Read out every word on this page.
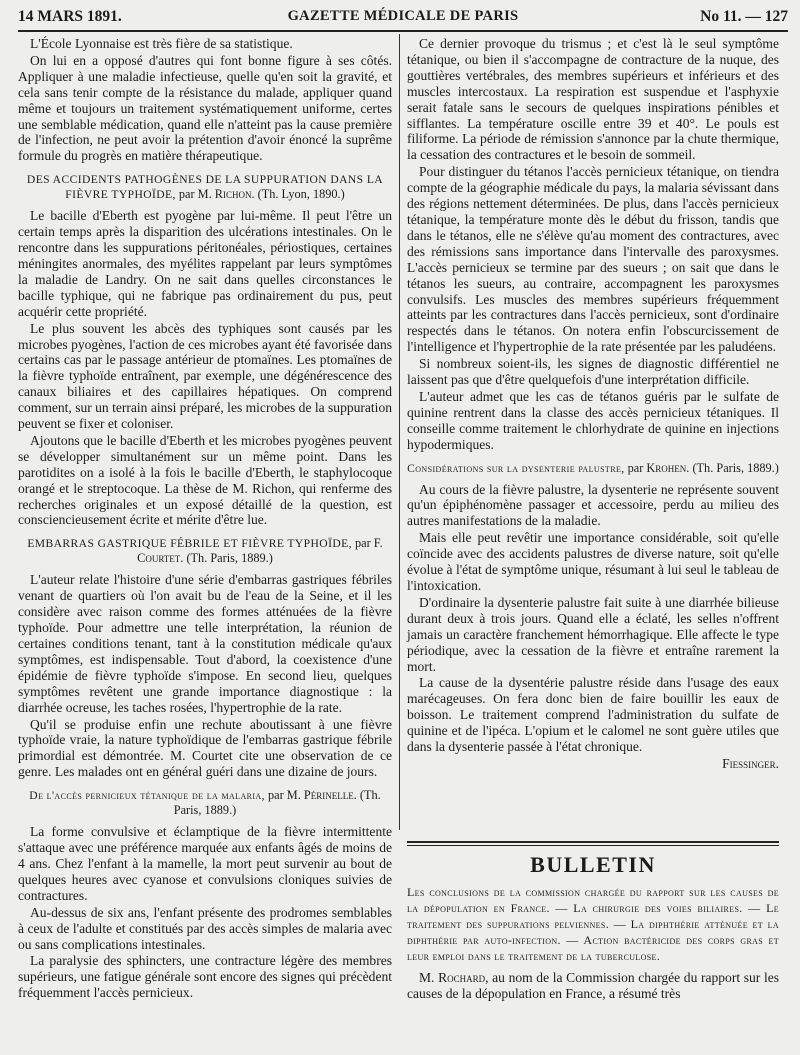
14 MARS 1891.	GAZETTE MÉDICALE DE PARIS	No 11. — 127

L'École Lyonnaise est très fière de sa statistique.

On lui en a opposé d'autres qui font bonne figure à ses côtés. Appliquer à une maladie infectieuse, quelle qu'en soit la gravité, et cela sans tenir compte de la résistance du malade, appliquer quand même et toujours un traitement systématiquement uniforme, certes une semblable médication, quand elle n'atteint pas la cause première de l'infection, ne peut avoir la prétention d'avoir énoncé la suprême formule du progrès en matière thérapeutique.

DES ACCIDENTS PATHOGÈNES DE LA SUPPURATION DANS LA FIÈVRE TYPHOÏDE, par M. Richon. (Th. Lyon, 1890.)

Le bacille d'Eberth est pyogène par lui-même. Il peut l'être un certain temps après la disparition des ulcérations intestinales. On le rencontre dans les suppurations péritonéales, périostiques, certaines méningites anormales, des myélites rappelant par leurs symptômes la maladie de Landry. On ne sait dans quelles circonstances le bacille typhique, qui ne fabrique pas ordinairement du pus, peut acquérir cette propriété.

Le plus souvent les abcès des typhiques sont causés par les microbes pyogènes, l'action de ces microbes ayant été favorisée dans certains cas par le passage antérieur de ptomaïnes. Les ptomaïnes de la fièvre typhoïde entraînent, par exemple, une dégénérescence des canaux biliaires et des capillaires hépatiques. On comprend comment, sur un terrain ainsi préparé, les microbes de la suppuration peuvent se fixer et coloniser.

Ajoutons que le bacille d'Eberth et les microbes pyogènes peuvent se développer simultanément sur un même point. Dans les parotidites on a isolé à la fois le bacille d'Eberth, le staphylocoque orangé et le streptocoque. La thèse de M. Richon, qui renferme des recherches originales et un exposé détaillé de la question, est consciencieusement écrite et mérite d'être lue.

EMBARRAS GASTRIQUE FÉBRILE ET FIÈVRE TYPHOÏDE, par F. Courtet. (Th. Paris, 1889.)

L'auteur relate l'histoire d'une série d'embarras gastriques fébriles venant de quartiers où l'on avait bu de l'eau de la Seine, et il les considère avec raison comme des formes atténuées de la fièvre typhoïde. Pour admettre une telle interprétation, la réunion de certaines conditions tenant, tant à la constitution médicale qu'aux symptômes, est indispensable. Tout d'abord, la coexistence d'une épidémie de fièvre typhoïde s'impose. En second lieu, quelques symptômes revêtent une grande importance diagnostique : la diarrhée ocreuse, les taches rosées, l'hypertrophie de la rate.

Qu'il se produise enfin une rechute aboutissant à une fièvre typhoïde vraie, la nature typhoïdique de l'embarras gastrique fébrile primordial est démontrée. M. Courtet cite une observation de ce genre. Les malades ont en général guéri dans une dizaine de jours.

De l'accès pernicieux tétanique de la malaria, par M. Périnelle. (Th. Paris, 1889.)

La forme convulsive et éclamptique de la fièvre intermittente s'attaque avec une préférence marquée aux enfants âgés de moins de 4 ans. Chez l'enfant à la mamelle, la mort peut survenir au bout de quelques heures avec cyanose et convulsions cloniques suivies de contractures.

Au-dessus de six ans, l'enfant présente des prodromes semblables à ceux de l'adulte et constitués par des accès simples de malaria avec ou sans complications intestinales.

La paralysie des sphincters, une contracture légère des membres supérieurs, une fatigue générale sont encore des signes qui précèdent fréquemment l'accès pernicieux.

Ce dernier provoque du trismus ; et c'est là le seul symptôme tétanique, ou bien il s'accompagne de contracture de la nuque, des gouttières vertébrales, des membres supérieurs et inférieurs et des muscles intercostaux. La respiration est suspendue et l'asphyxie serait fatale sans le secours de quelques inspirations pénibles et sifflantes. La température oscille entre 39 et 40°. Le pouls est filiforme. La période de rémission s'annonce par la chute thermique, la cessation des contractures et le besoin de sommeil.

Pour distinguer du tétanos l'accès pernicieux tétanique, on tiendra compte de la géographie médicale du pays, la malaria sévissant dans des régions nettement déterminées. De plus, dans l'accès pernicieux tétanique, la température monte dès le début du frisson, tandis que dans le tétanos, elle ne s'élève qu'au moment des contractures, avec des rémissions sans importance dans l'intervalle des paroxysmes. L'accès pernicieux se termine par des sueurs ; on sait que dans le tétanos les sueurs, au contraire, accompagnent les paroxysmes convulsifs. Les muscles des membres supérieurs fréquemment atteints par les contractures dans l'accès pernicieux, sont d'ordinaire respectés dans le tétanos. On notera enfin l'obscurcissement de l'intelligence et l'hypertrophie de la rate présentée par les paludéens.

Si nombreux soient-ils, les signes de diagnostic différentiel ne laissent pas que d'être quelquefois d'une interprétation difficile.

L'auteur admet que les cas de tétanos guéris par le sulfate de quinine rentrent dans la classe des accès pernicieux tétaniques. Il conseille comme traitement le chlorhydrate de quinine en injections hypodermiques.

Considérations sur la dysenterie palustre, par Krohen. (Th. Paris, 1889.)

Au cours de la fièvre palustre, la dysenterie ne représente souvent qu'un épiphénomène passager et accessoire, perdu au milieu des autres manifestations de la maladie.

Mais elle peut revêtir une importance considérable, soit qu'elle coïncide avec des accidents palustres de diverse nature, soit qu'elle évolue à l'état de symptôme unique, résumant à lui seul le tableau de l'intoxication.

D'ordinaire la dysenterie palustre fait suite à une diarrhée bilieuse durant deux à trois jours. Quand elle a éclaté, les selles n'offrent jamais un caractère franchement hémorrhagique. Elle affecte le type périodique, avec la cessation de la fièvre et entraîne rarement la mort.

La cause de la dysentérie palustre réside dans l'usage des eaux marécageuses. On fera donc bien de faire bouillir les eaux de boisson. Le traitement comprend l'administration du sulfate de quinine et de l'ipéca. L'opium et le calomel ne sont guère utiles que dans la dysenterie passée à l'état chronique.

Fiessinger.

BULLETIN

Les conclusions de la commission chargée du rapport sur les causes de la dépopulation en France. — La chirurgie des voies biliaires. — Le traitement des suppurations pelviennes. — La diphthérie atténuée et la diphthérie par auto-infection. — Action bactéricide des corps gras et leur emploi dans le traitement de la tuberculose.

M. Rochard, au nom de la Commission chargée du rapport sur les causes de la dépopulation en France, a résumé très
